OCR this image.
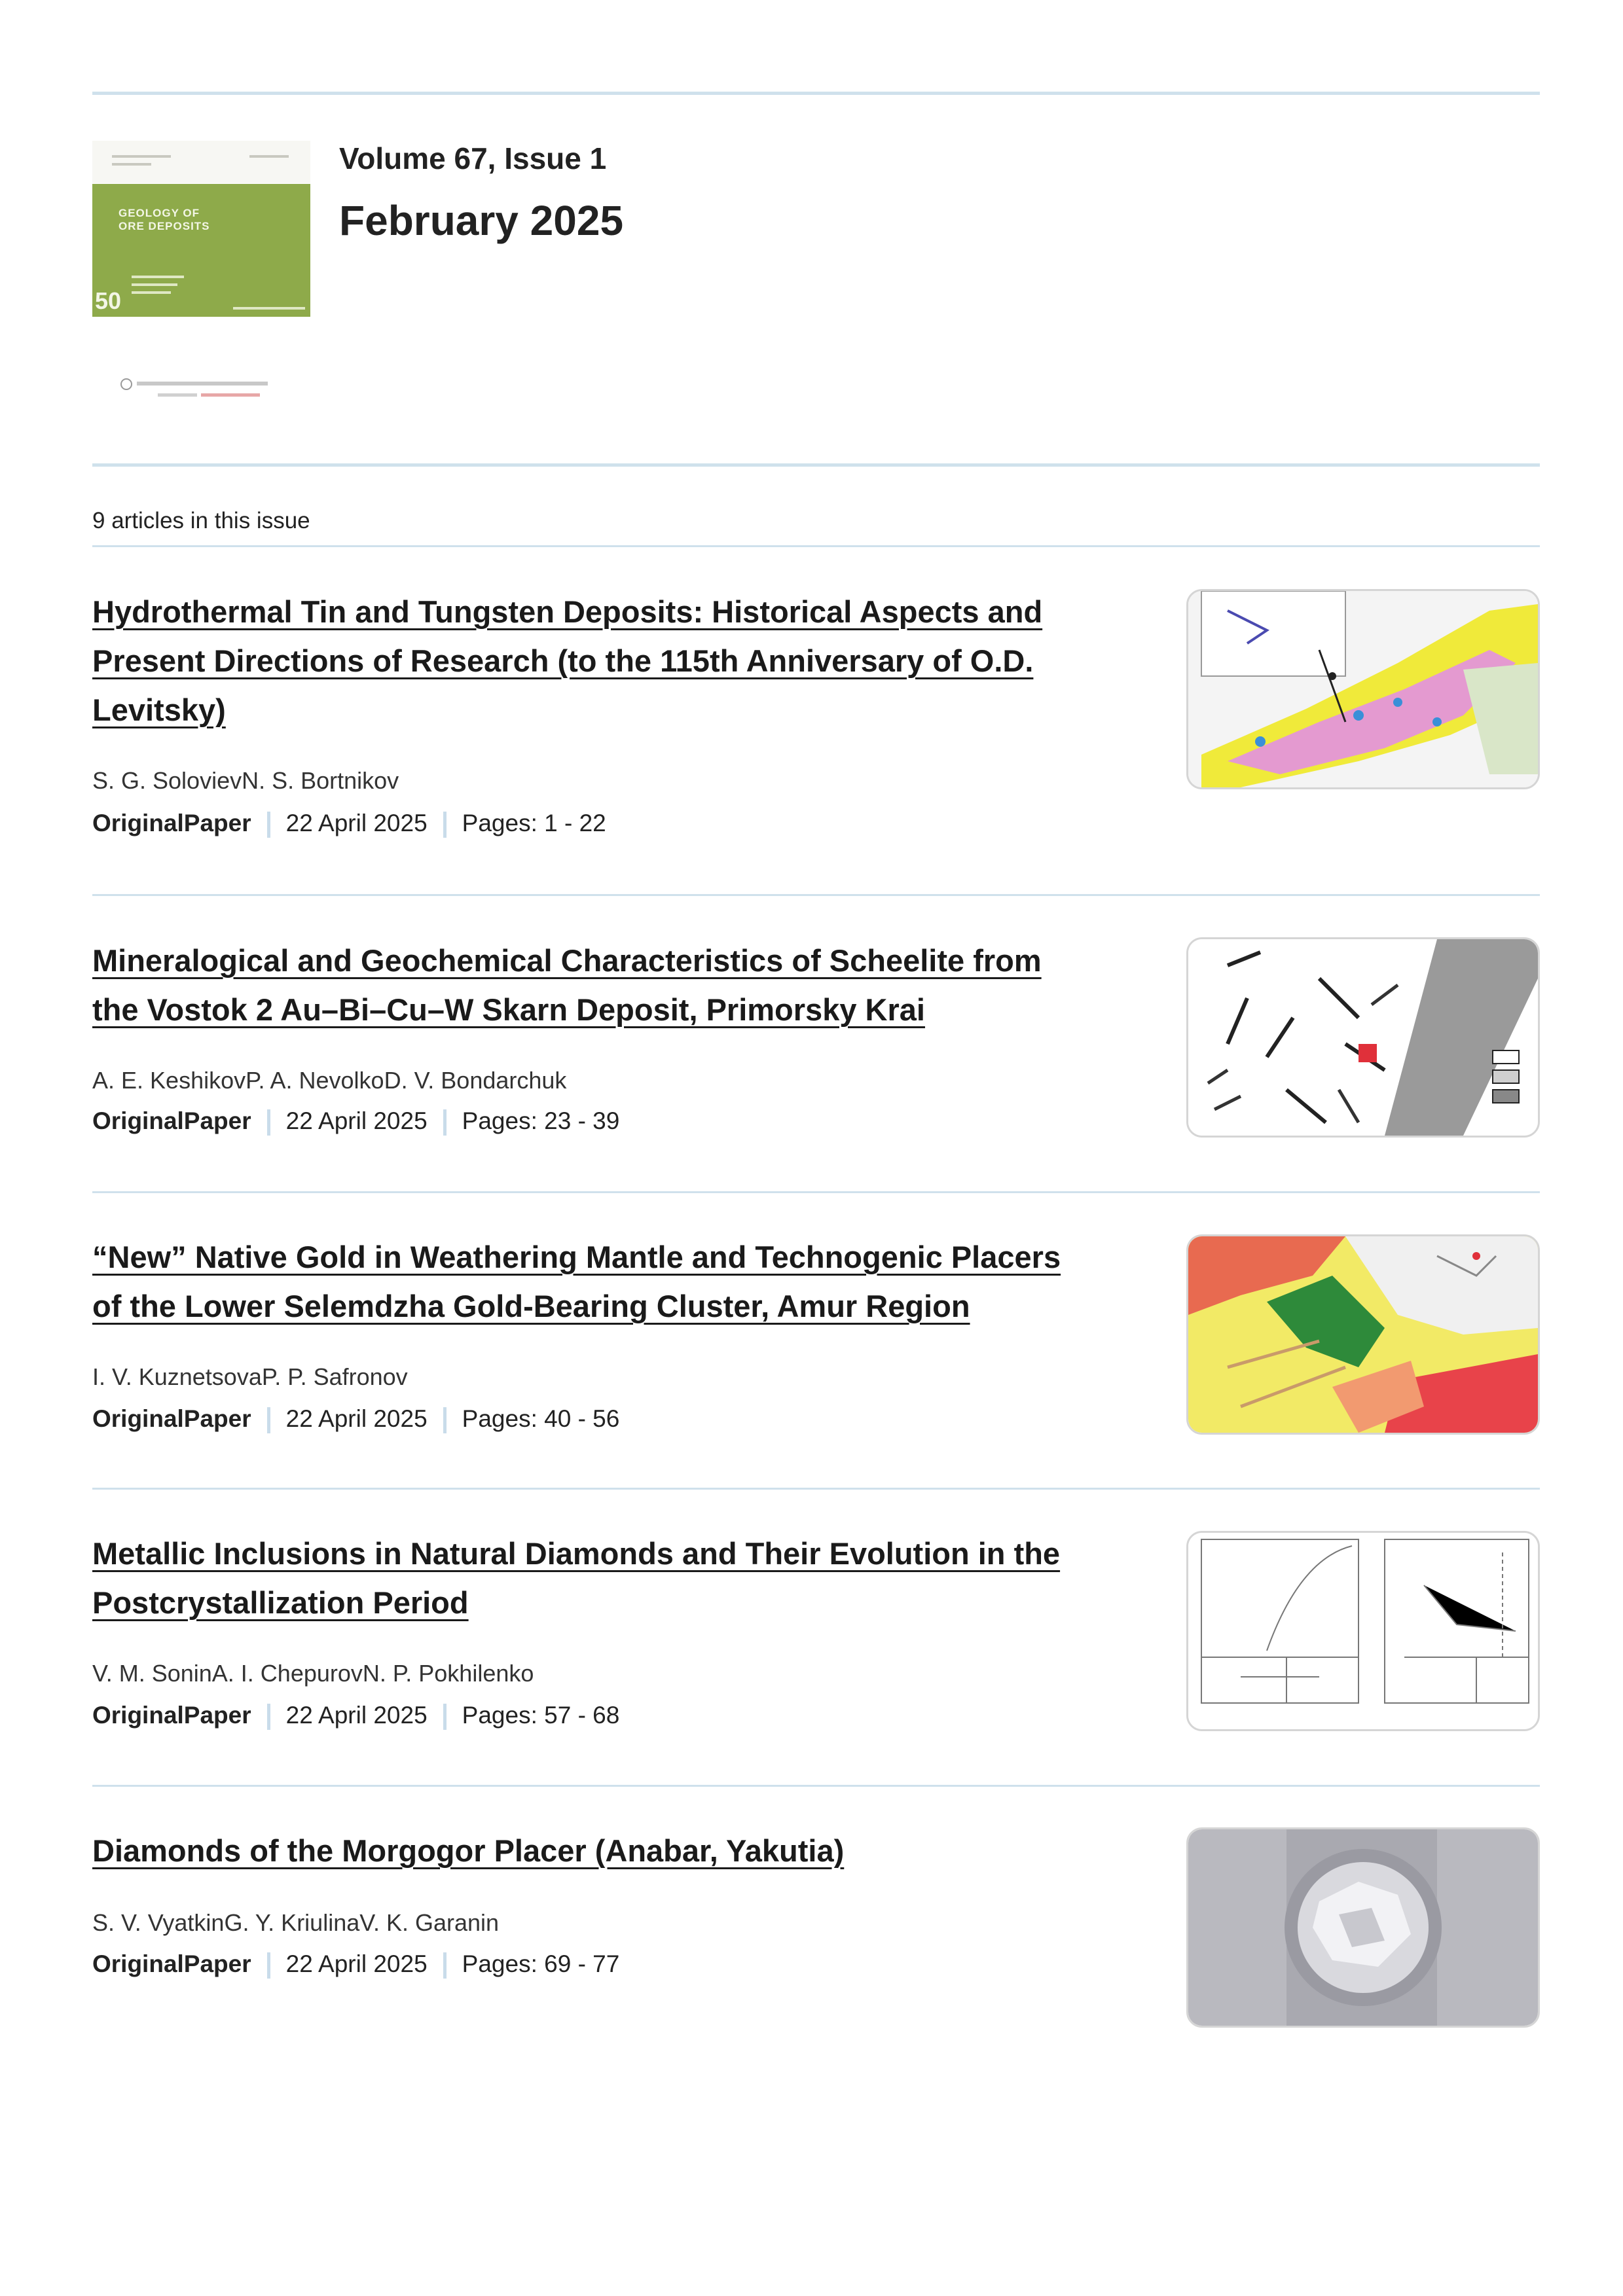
GEOLOGY OF
ORE DEPOSITS
50
Volume 67, Issue 1
February 2025
9 articles in this issue
Hydrothermal Tin and Tungsten Deposits: Historical Aspects and
Present Directions of Research (to the 115th Anniversary of O.D.
Levitsky)
S. G. SolovievN. S. Bortnikov
OriginalPaper 22 April 2025 Pages: 1 - 22
Mineralogical and Geochemical Characteristics of Scheelite from
the Vostok 2 Au–Bi–Cu–W Skarn Deposit, Primorsky Krai
A. E. KeshikovP. A. NevolkoD. V. Bondarchuk
OriginalPaper 22 April 2025 Pages: 23 - 39
“New” Native Gold in Weathering Mantle and Technogenic Placers
of the Lower Selemdzha Gold-Bearing Cluster, Amur Region
I. V. KuznetsovaP. P. Safronov
OriginalPaper 22 April 2025 Pages: 40 - 56
Metallic Inclusions in Natural Diamonds and Their Evolution in the
Postcrystallization Period
V. M. SoninA. I. ChepurovN. P. Pokhilenko
OriginalPaper 22 April 2025 Pages: 57 - 68
Diamonds of the Morgogor Placer (Anabar, Yakutia)
S. V. VyatkinG. Y. KriulinaV. K. Garanin
OriginalPaper 22 April 2025 Pages: 69 - 77
